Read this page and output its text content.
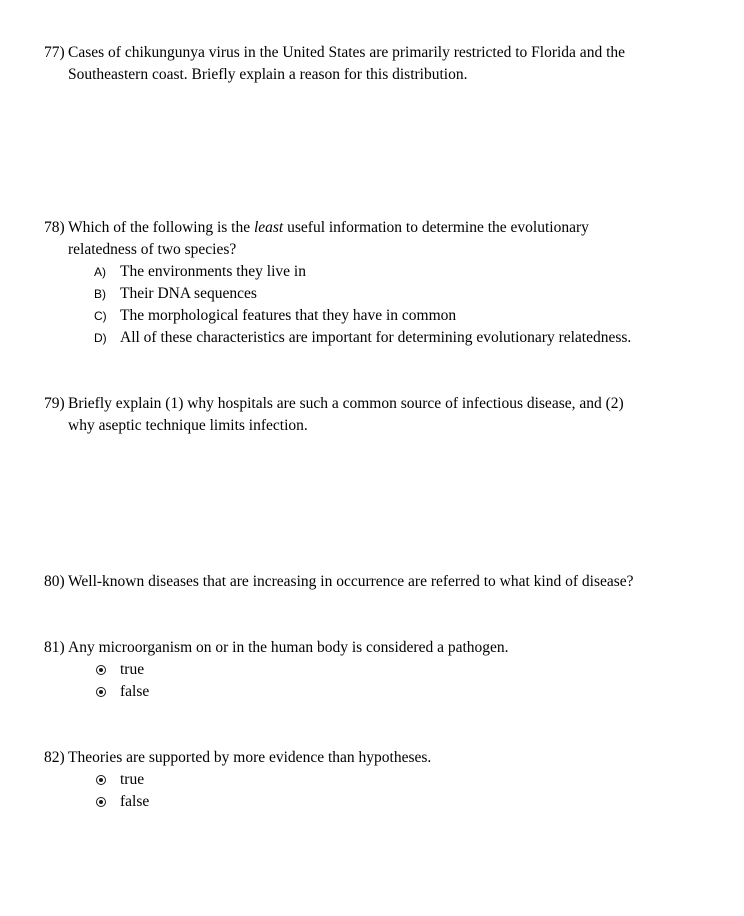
77) Cases of chikungunya virus in the United States are primarily restricted to Florida and the
Southeastern coast. Briefly explain a reason for this distribution.
78) Which of the following is the least useful information to determine the evolutionary
relatedness of two species?
A) The environments they live in
B) Their DNA sequences
C) The morphological features that they have in common
D) All of these characteristics are important for determining evolutionary relatedness.
79) Briefly explain (1) why hospitals are such a common source of infectious disease, and (2)
why aseptic technique limits infection.
80) Well-known diseases that are increasing in occurrence are referred to what kind of disease?
81) Any microorganism on or in the human body is considered a pathogen.
true
false
82) Theories are supported by more evidence than hypotheses.
true
false
